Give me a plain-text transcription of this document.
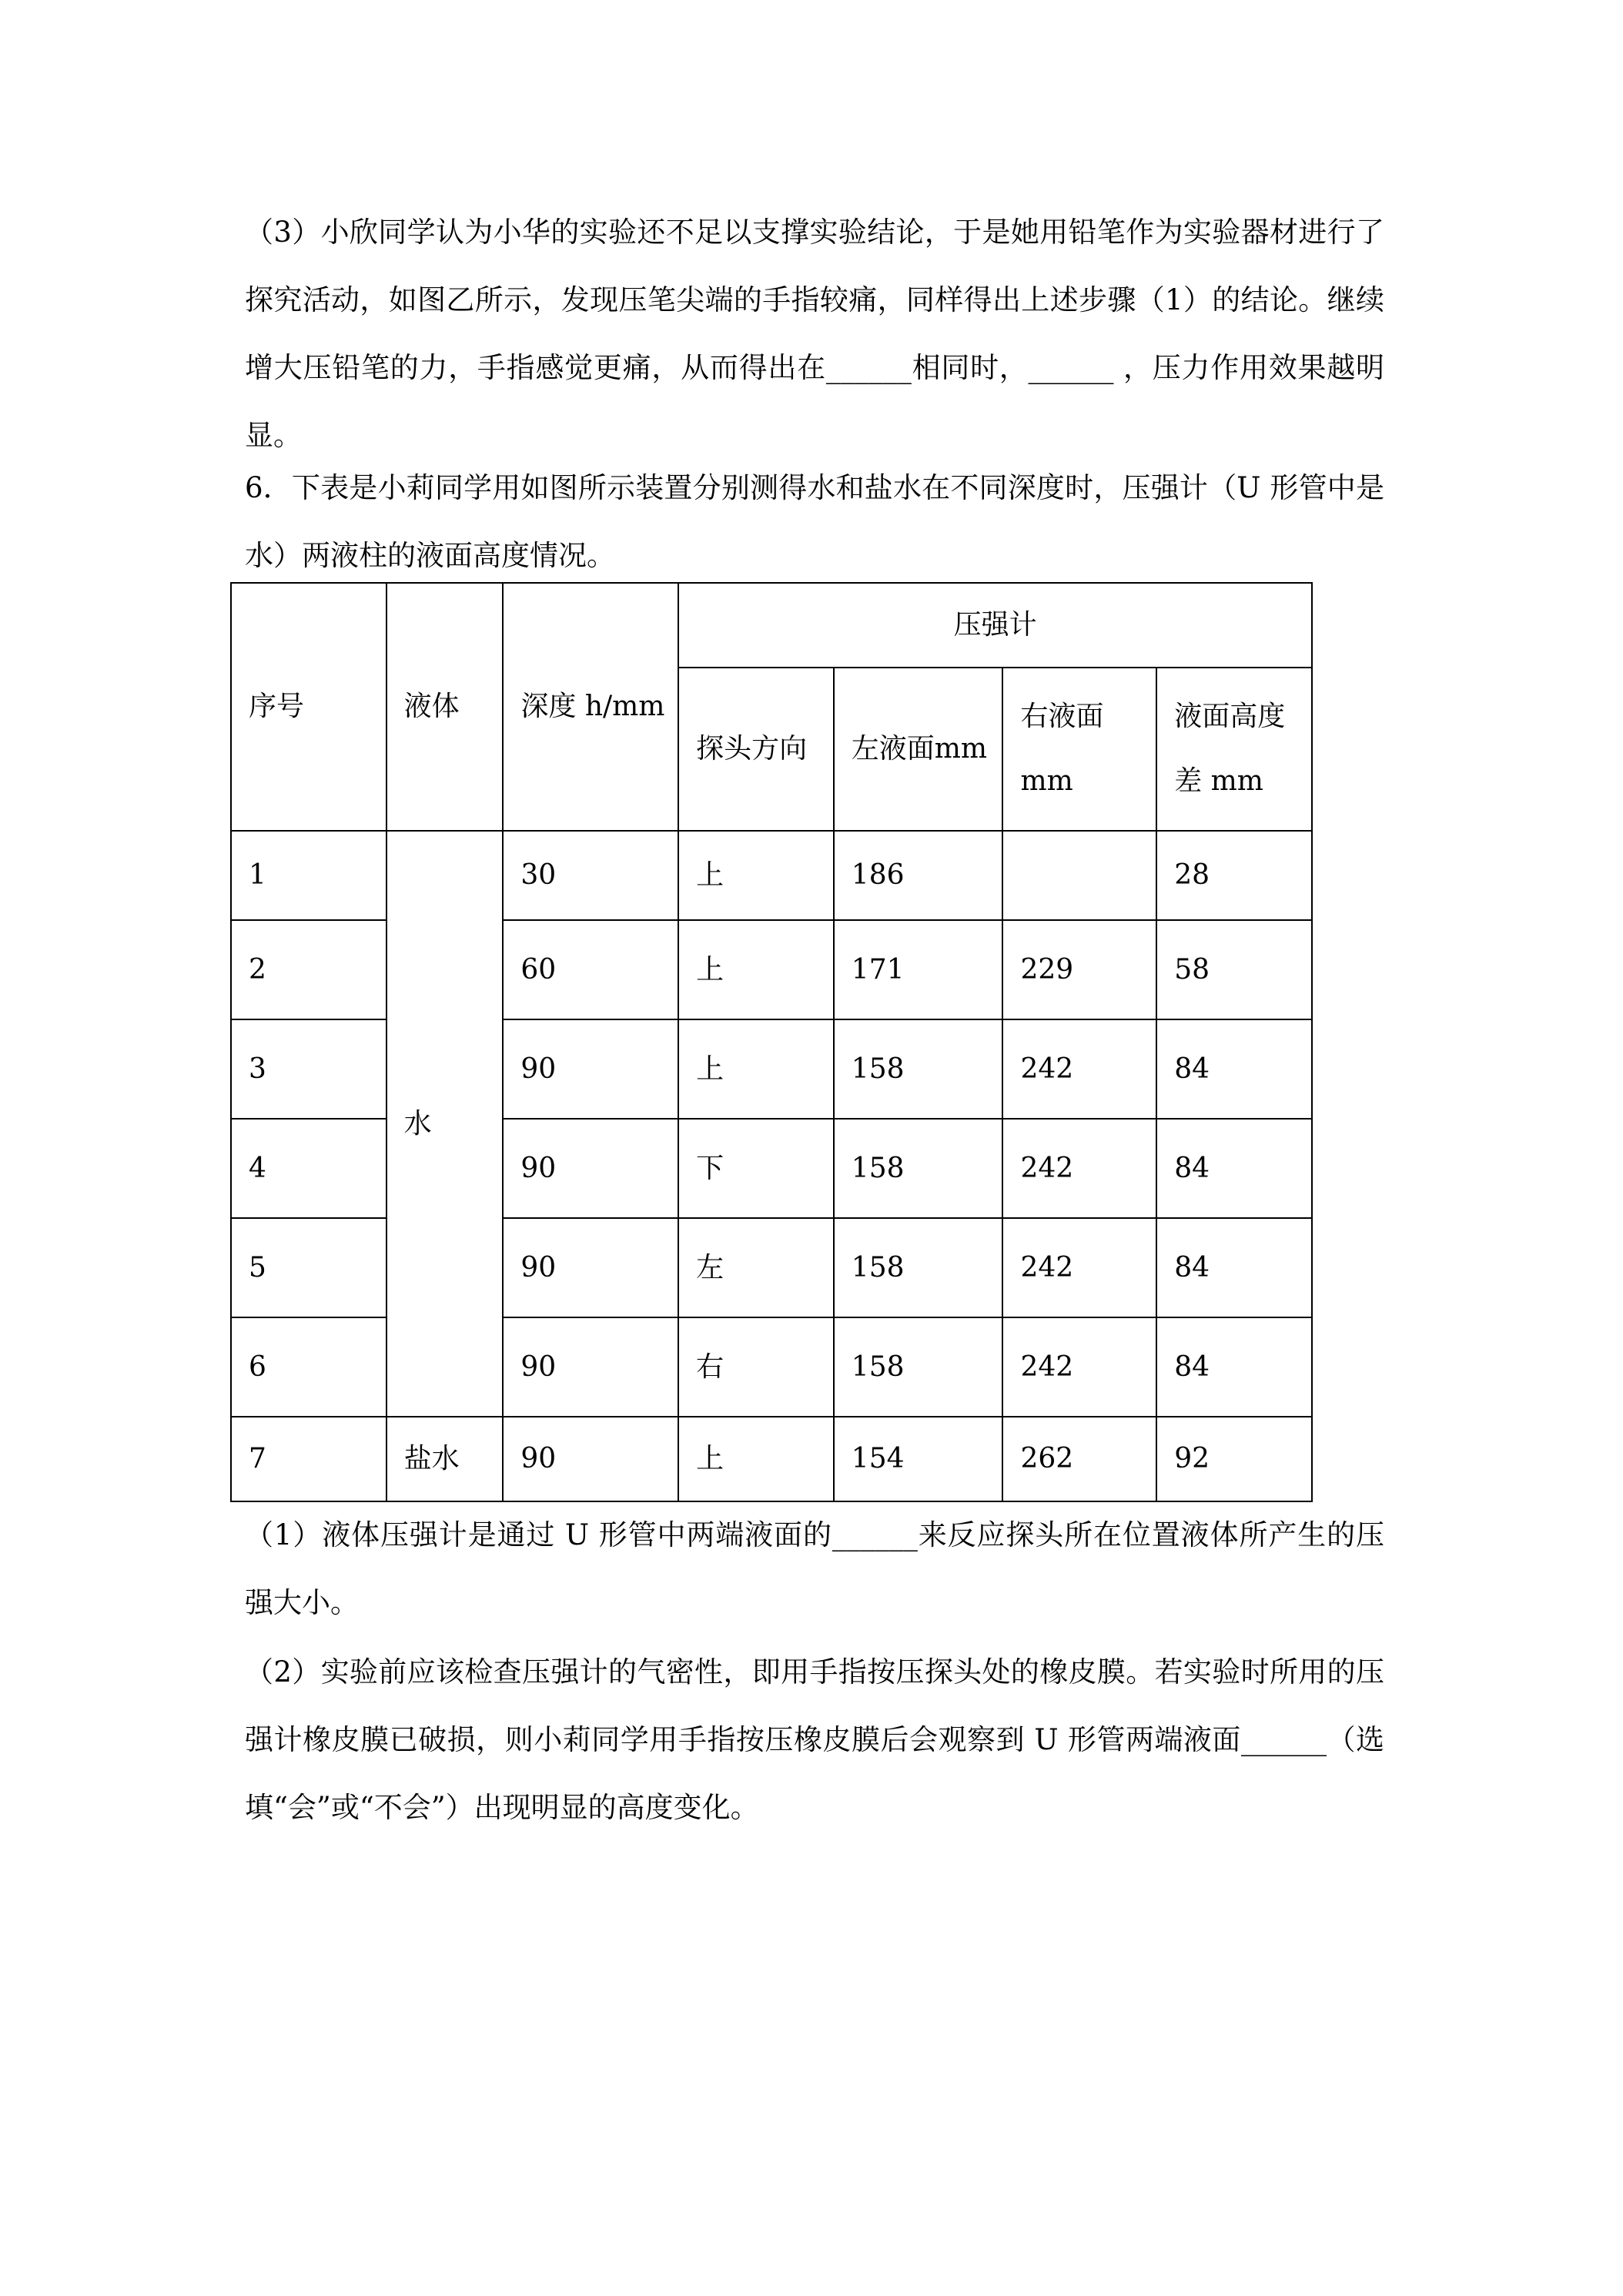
（3）小欣同学认为小华的实验还不足以支撑实验结论，于是她用铅笔作为实验器材进行了探究活动，如图乙所示，发现压笔尖端的手指较痛，同样得出上述步骤（1）的结论。继续增大压铅笔的力，手指感觉更痛，从而得出在______相同时，______ ，压力作用效果越明显。

6．下表是小莉同学用如图所示装置分别测得水和盐水在不同深度时，压强计（U 形管中是水）两液柱的液面高度情况。

序号	液体	深度 h/mm	压强计			
			探头方向	左液面mm	右液面mm	液面高度差 mm
1	水	30	上	186		28
2		60	上	171	229	58
3		90	上	158	242	84
4		90	下	158	242	84
5		90	左	158	242	84
6		90	右	158	242	84
7	盐水	90	上	154	262	92

（1）液体压强计是通过 U 形管中两端液面的______来反应探头所在位置液体所产生的压强大小。

（2）实验前应该检查压强计的气密性，即用手指按压探头处的橡皮膜。若实验时所用的压强计橡皮膜已破损，则小莉同学用手指按压橡皮膜后会观察到 U 形管两端液面______（选填“会”或“不会”）出现明显的高度变化。
